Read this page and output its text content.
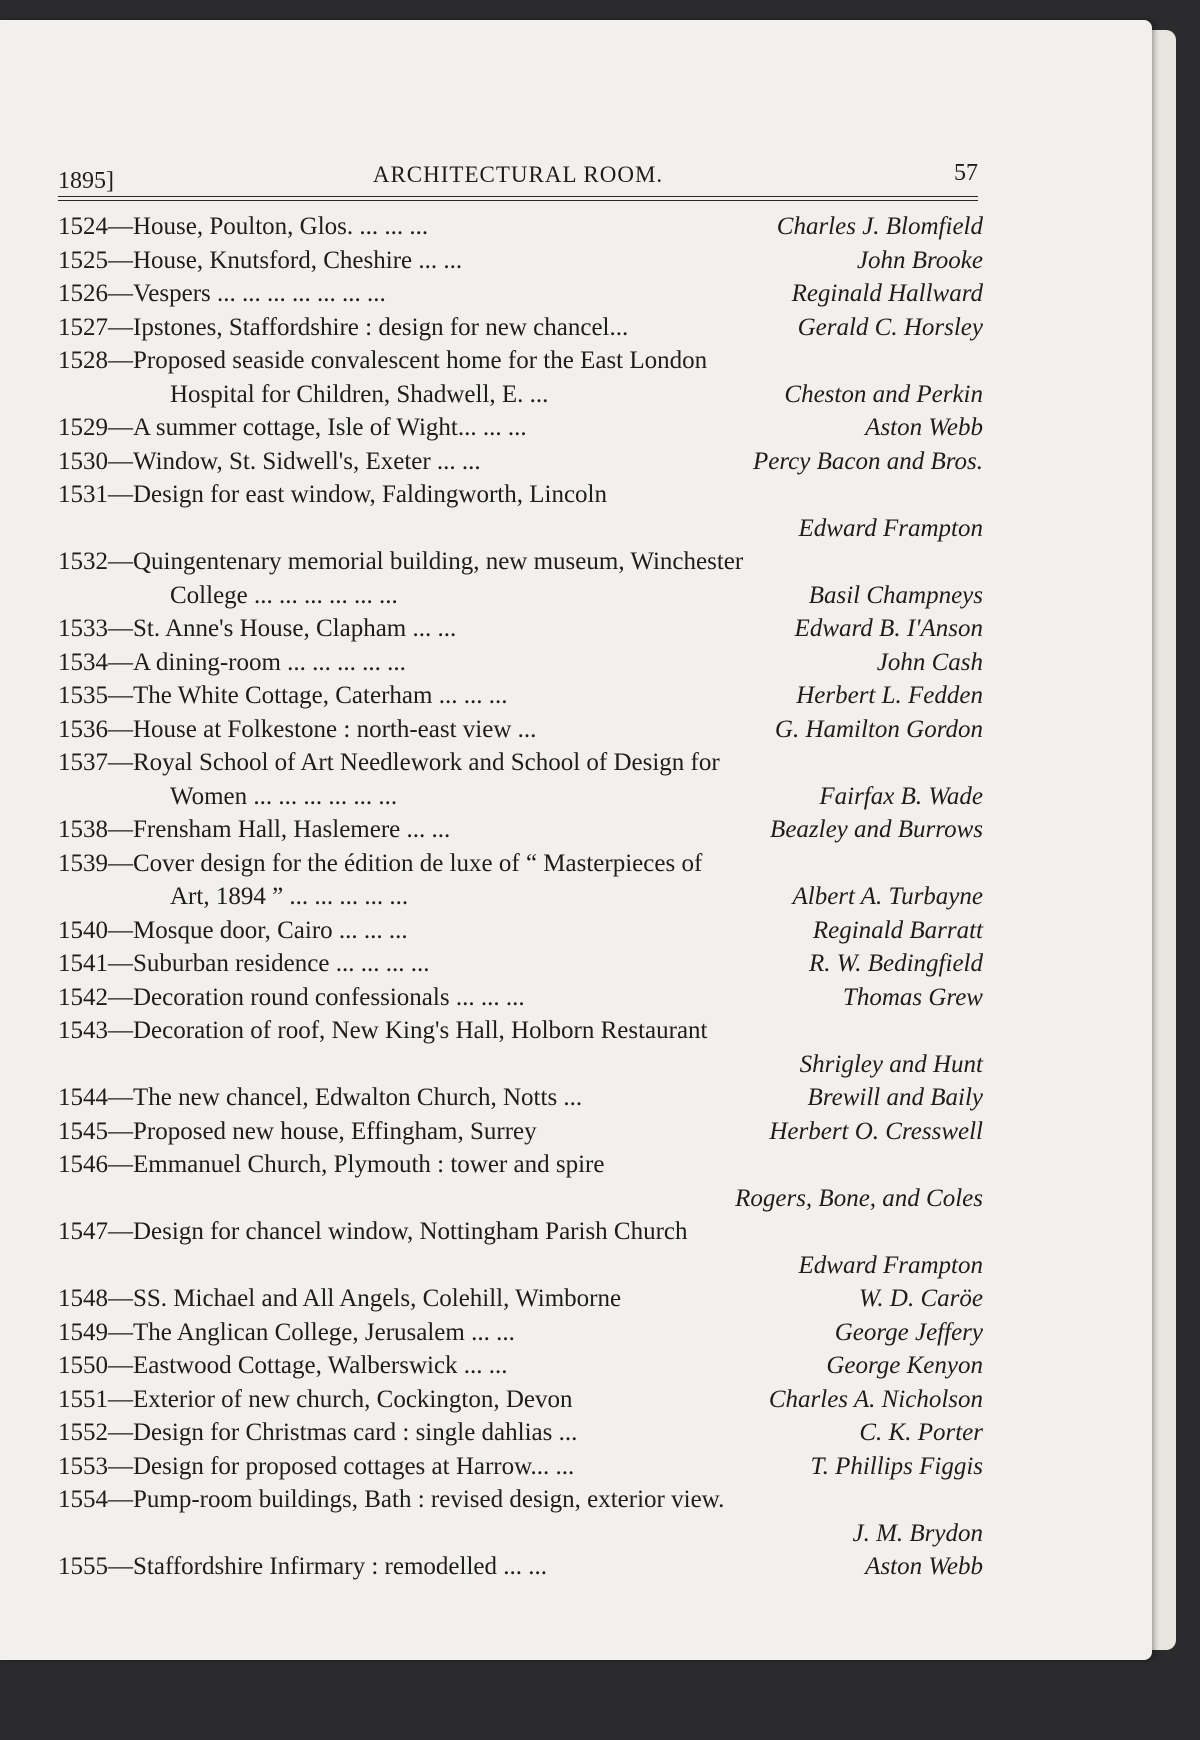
1895]	ARCHITECTURAL ROOM.	57
1524—House, Poulton, Glos. ... ... ...	Charles J. Blomfield
1525—House, Knutsford, Cheshire ... ...	John Brooke
1526—Vespers ... ... ... ... ... ... ...	Reginald Hallward
1527—Ipstones, Staffordshire : design for new chancel...	Gerald C. Horsley
1528—Proposed seaside convalescent home for the East London
Hospital for Children, Shadwell, E. ...	Cheston and Perkin
1529—A summer cottage, Isle of Wight... ... ...	Aston Webb
1530—Window, St. Sidwell's, Exeter ... ...	Percy Bacon and Bros.
1531—Design for east window, Faldingworth, Lincoln
Edward Frampton
1532—Quingentenary memorial building, new museum, Winchester
College ... ... ... ... ... ...	Basil Champneys
1533—St. Anne's House, Clapham ... ...	Edward B. I'Anson
1534—A dining-room ... ... ... ... ...	John Cash
1535—The White Cottage, Caterham ... ... ...	Herbert L. Fedden
1536—House at Folkestone : north-east view ...	G. Hamilton Gordon
1537—Royal School of Art Needlework and School of Design for
Women ... ... ... ... ... ...	Fairfax B. Wade
1538—Frensham Hall, Haslemere ... ...	Beazley and Burrows
1539—Cover design for the édition de luxe of “ Masterpieces of
Art, 1894 ” ... ... ... ... ...	Albert A. Turbayne
1540—Mosque door, Cairo ... ... ...	Reginald Barratt
1541—Suburban residence ... ... ... ...	R. W. Bedingfield
1542—Decoration round confessionals ... ... ...	Thomas Grew
1543—Decoration of roof, New King's Hall, Holborn Restaurant
Shrigley and Hunt
1544—The new chancel, Edwalton Church, Notts ...	Brewill and Baily
1545—Proposed new house, Effingham, Surrey	Herbert O. Cresswell
1546—Emmanuel Church, Plymouth : tower and spire
Rogers, Bone, and Coles
1547—Design for chancel window, Nottingham Parish Church
Edward Frampton
1548—SS. Michael and All Angels, Colehill, Wimborne	W. D. Caröe
1549—The Anglican College, Jerusalem ... ...	George Jeffery
1550—Eastwood Cottage, Walberswick ... ...	George Kenyon
1551—Exterior of new church, Cockington, Devon	Charles A. Nicholson
1552—Design for Christmas card : single dahlias ...	C. K. Porter
1553—Design for proposed cottages at Harrow... ...	T. Phillips Figgis
1554—Pump-room buildings, Bath : revised design, exterior view.
J. M. Brydon
1555—Staffordshire Infirmary : remodelled ... ...	Aston Webb
